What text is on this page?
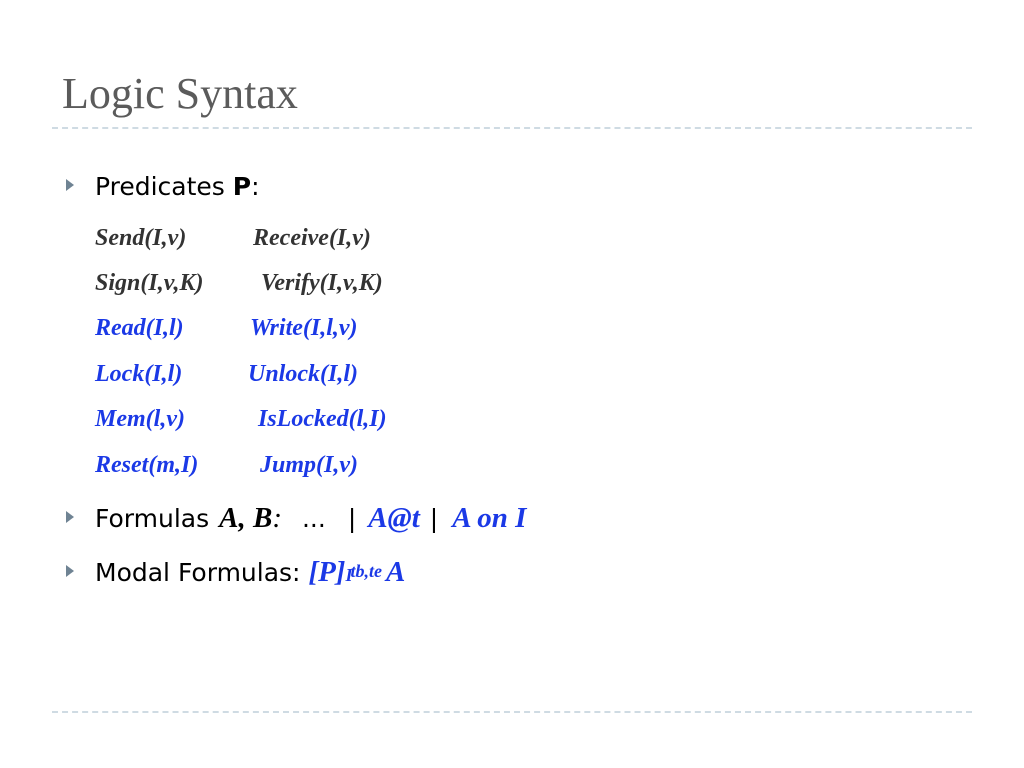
Logic Syntax
Predicates P :
Send(I,v)	Receive(I,v)
Sign(I,v,K) Verify(I,v,K)
Read(I,l)	Write(I,l,v)
Lock(I,l)	Unlock(I,l)
Mem(l,v)	IsLocked(l,I)
Reset(m,I)	Jump(I,v)
Formulas A, B : ... | A@t | A on I
Modal Formulas: [P] I
$^{tb,te}$ A
